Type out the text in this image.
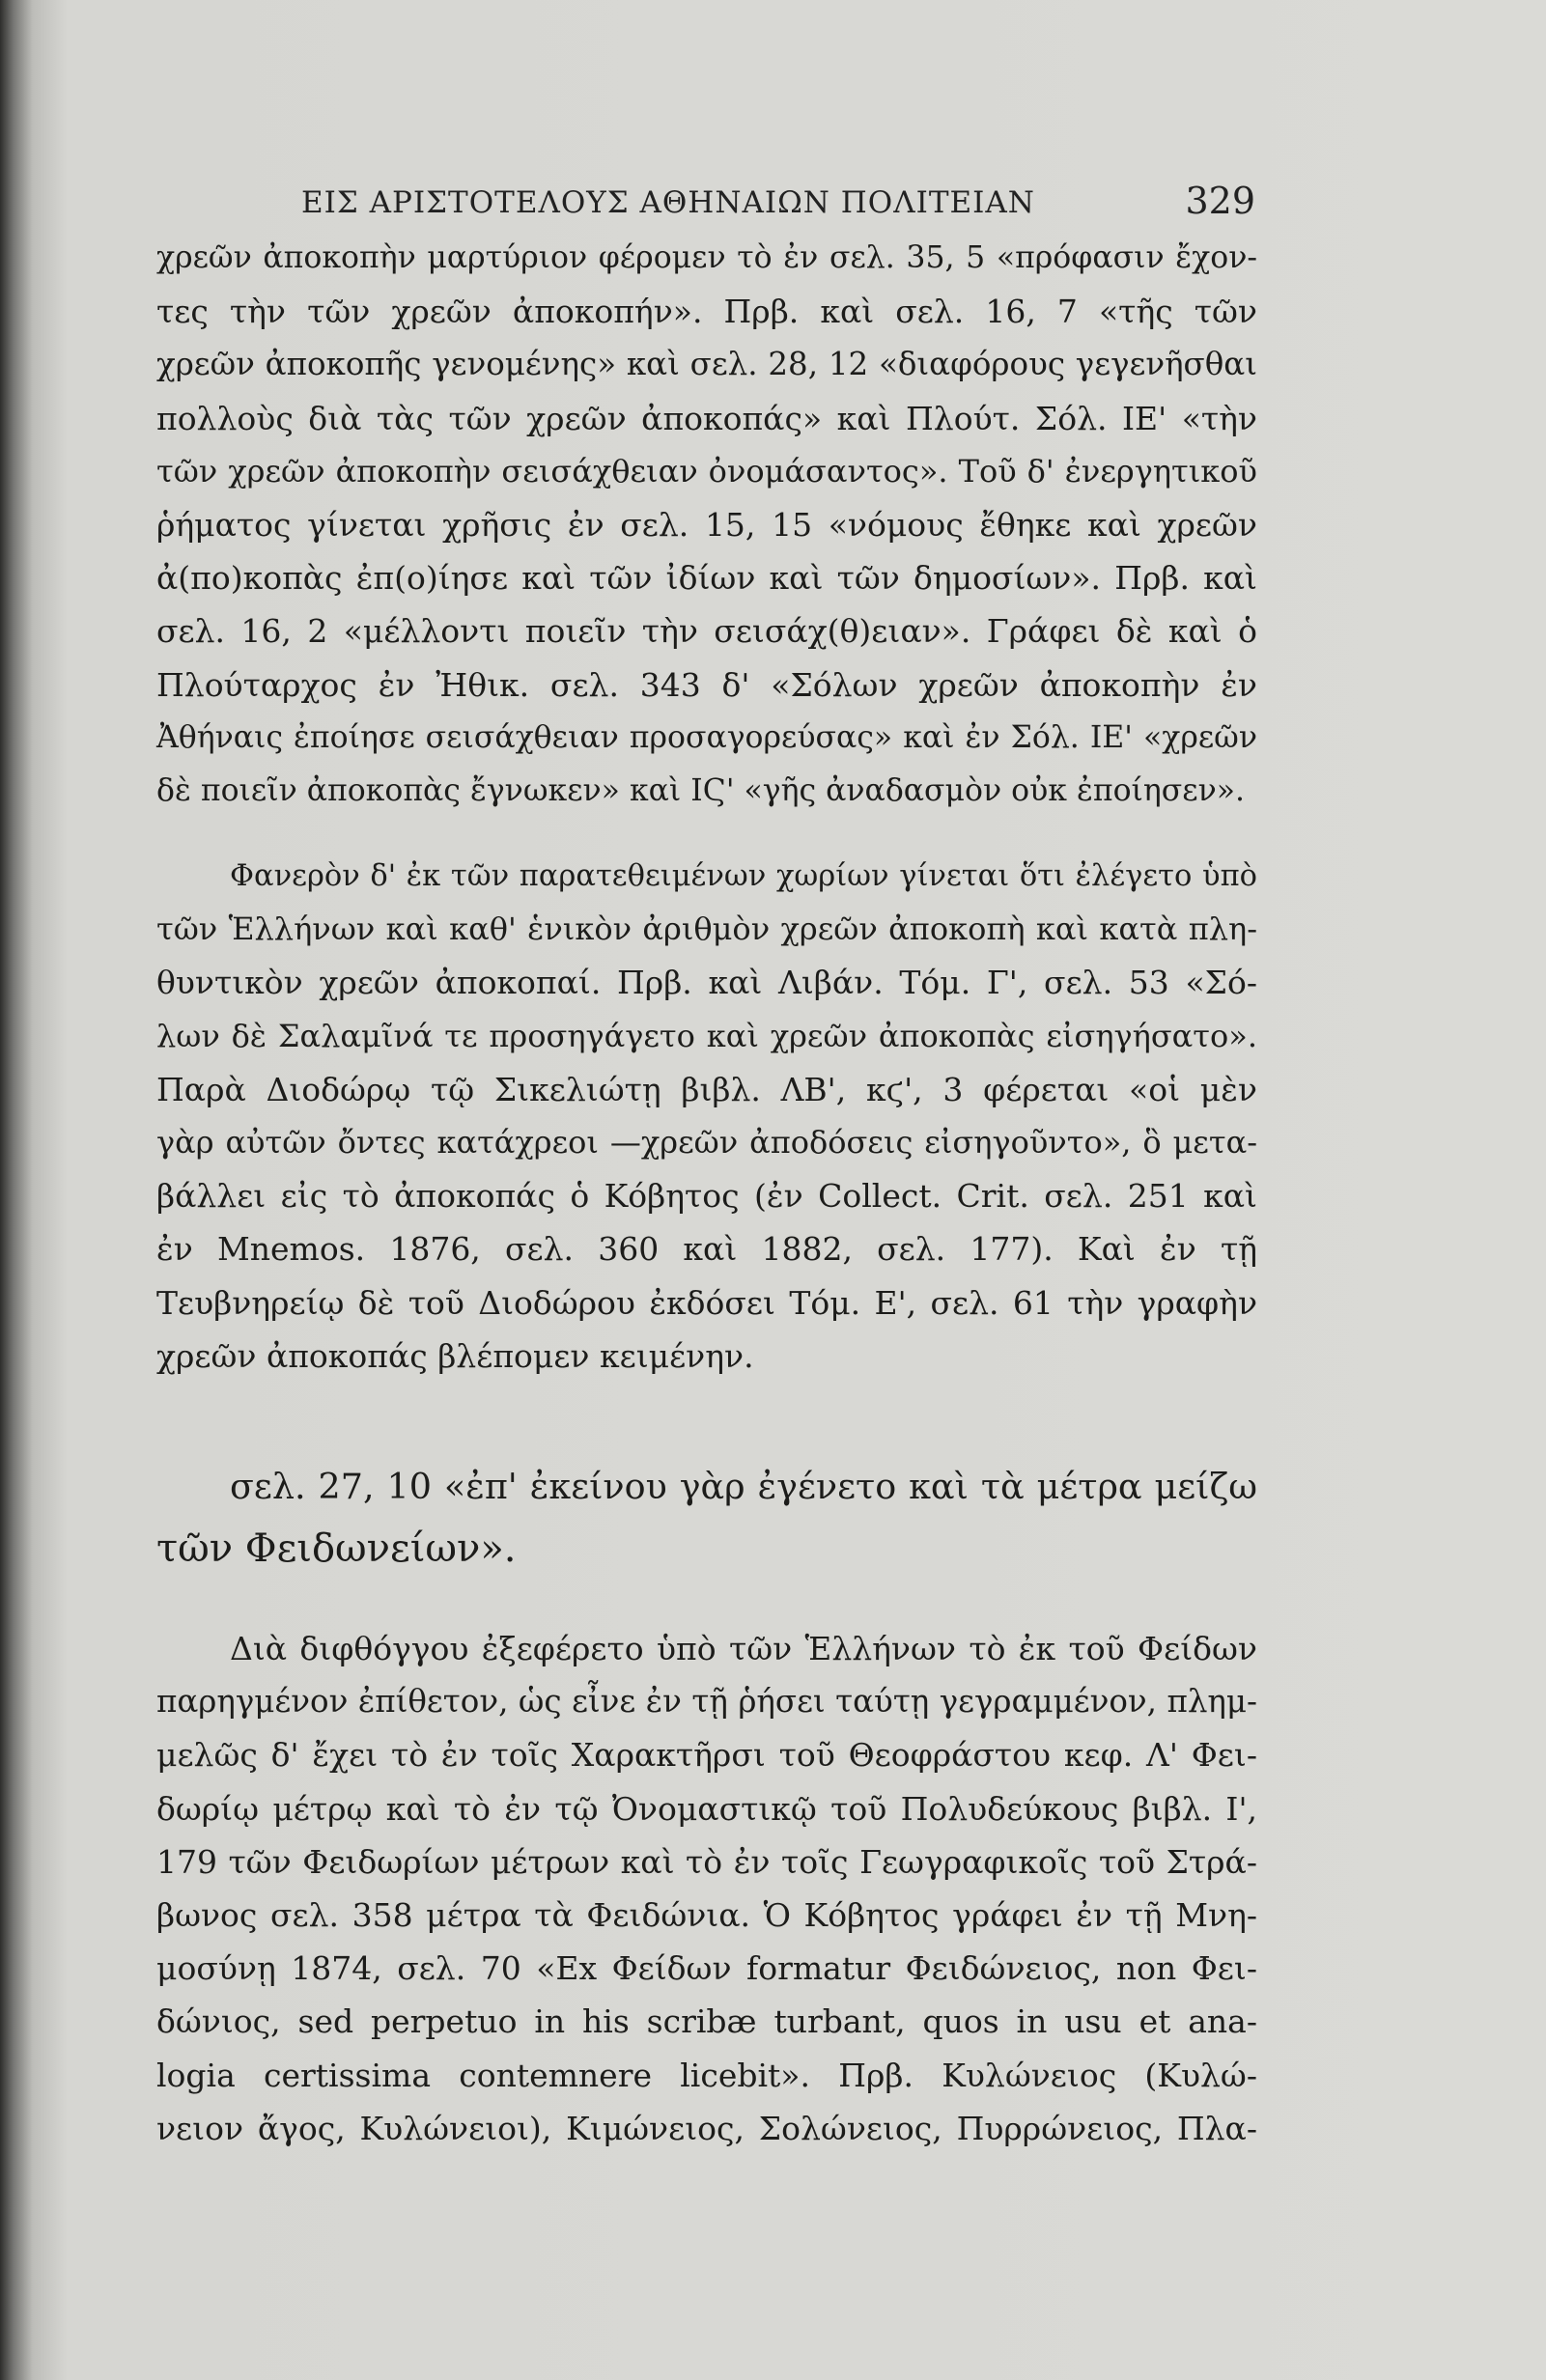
ΕΙΣ ΑΡΙΣΤΟΤΕΛΟΥΣ ΑΘΗΝΑΙΩΝ ΠΟΛΙΤΕΙΑΝ	329
χρεῶν ἀποκοπὴν μαρτύριον φέρομεν τὸ ἐν σελ. 35, 5 «πρόφασιν ἔχον-
τες τὴν τῶν χρεῶν ἀποκοπήν». Πρβ. καὶ σελ. 16, 7 «τῆς τῶν
χρεῶν ἀποκοπῆς γενομένης» καὶ σελ. 28, 12 «διαφόρους γεγενῆσθαι
πολλοὺς διὰ τὰς τῶν χρεῶν ἀποκοπάς» καὶ Πλούτ. Σόλ. ΙΕ' «τὴν
τῶν χρεῶν ἀποκοπὴν σεισάχθειαν ὀνομάσαντος». Τοῦ δ' ἐνεργητικοῦ
ῥήματος γίνεται χρῆσις ἐν σελ. 15, 15 «νόμους ἔθηκε καὶ χρεῶν
ἀ(πο)κοπὰς ἐπ(ο)ίησε καὶ τῶν ἰδίων καὶ τῶν δημοσίων». Πρβ. καὶ
σελ. 16, 2 «μέλλοντι ποιεῖν τὴν σεισάχ(θ)ειαν». Γράφει δὲ καὶ ὁ
Πλούταρχος ἐν Ἠθικ. σελ. 343 δ' «Σόλων χρεῶν ἀποκοπὴν ἐν
Ἀθήναις ἐποίησε σεισάχθειαν προσαγορεύσας» καὶ ἐν Σόλ. ΙΕ' «χρεῶν
δὲ ποιεῖν ἀποκοπὰς ἔγνωκεν» καὶ ΙϚ' «γῆς ἀναδασμὸν οὐκ ἐποίησεν».
Φανερὸν δ' ἐκ τῶν παρατεθειμένων χωρίων γίνεται ὅτι ἐλέγετο ὑπὸ
τῶν Ἑλλήνων καὶ καθ' ἑνικὸν ἀριθμὸν χρεῶν ἀποκοπὴ καὶ κατὰ πλη-
θυντικὸν χρεῶν ἀποκοπαί. Πρβ. καὶ Λιβάν. Τόμ. Γ', σελ. 53 «Σό-
λων δὲ Σαλαμῖνά τε προσηγάγετο καὶ χρεῶν ἀποκοπὰς εἰσηγήσατο».
Παρὰ Διοδώρῳ τῷ Σικελιώτῃ βιβλ. ΛΒ', κϛ', 3 φέρεται «οἱ μὲν
γὰρ αὐτῶν ὄντες κατάχρεοι —χρεῶν ἀποδόσεις εἰσηγοῦντο», ὃ μετα-
βάλλει εἰς τὸ ἀποκοπάς ὁ Κόβητος (ἐν Collect. Crit. σελ. 251 καὶ
ἐν Mnemos. 1876, σελ. 360 καὶ 1882, σελ. 177). Καὶ ἐν τῇ
Τευβνηρείῳ δὲ τοῦ Διοδώρου ἐκδόσει Τόμ. Ε', σελ. 61 τὴν γραφὴν
χρεῶν ἀποκοπάς βλέπομεν κειμένην.
σελ. 27, 10 «ἐπ' ἐκείνου γὰρ ἐγένετο καὶ τὰ μέτρα μείζω
τῶν Φειδωνείων».
Διὰ διφθόγγου ἐξεφέρετο ὑπὸ τῶν Ἑλλήνων τὸ ἐκ τοῦ Φείδων
παρηγμένον ἐπίθετον, ὡς εἶνε ἐν τῇ ῥήσει ταύτῃ γεγραμμένον, πλημ-
μελῶς δ' ἔχει τὸ ἐν τοῖς Χαρακτῆρσι τοῦ Θεοφράστου κεφ. Λ' Φει-
δωρίῳ μέτρῳ καὶ τὸ ἐν τῷ Ὀνομαστικῷ τοῦ Πολυδεύκους βιβλ. Ι',
179 τῶν Φειδωρίων μέτρων καὶ τὸ ἐν τοῖς Γεωγραφικοῖς τοῦ Στρά-
βωνος σελ. 358 μέτρα τὰ Φειδώνια. Ὁ Κόβητος γράφει ἐν τῇ Μνη-
μοσύνῃ 1874, σελ. 70 «Ex Φείδων formatur Φειδώνειος, non Φει-
δώνιος, sed perpetuo in his scribæ turbant, quos in usu et ana-
logia certissima contemnere licebit». Πρβ. Κυλώνειος (Κυλώ-
νειον ἄγος, Κυλώνειοι), Κιμώνειος, Σολώνειος, Πυρρώνειος, Πλα-
